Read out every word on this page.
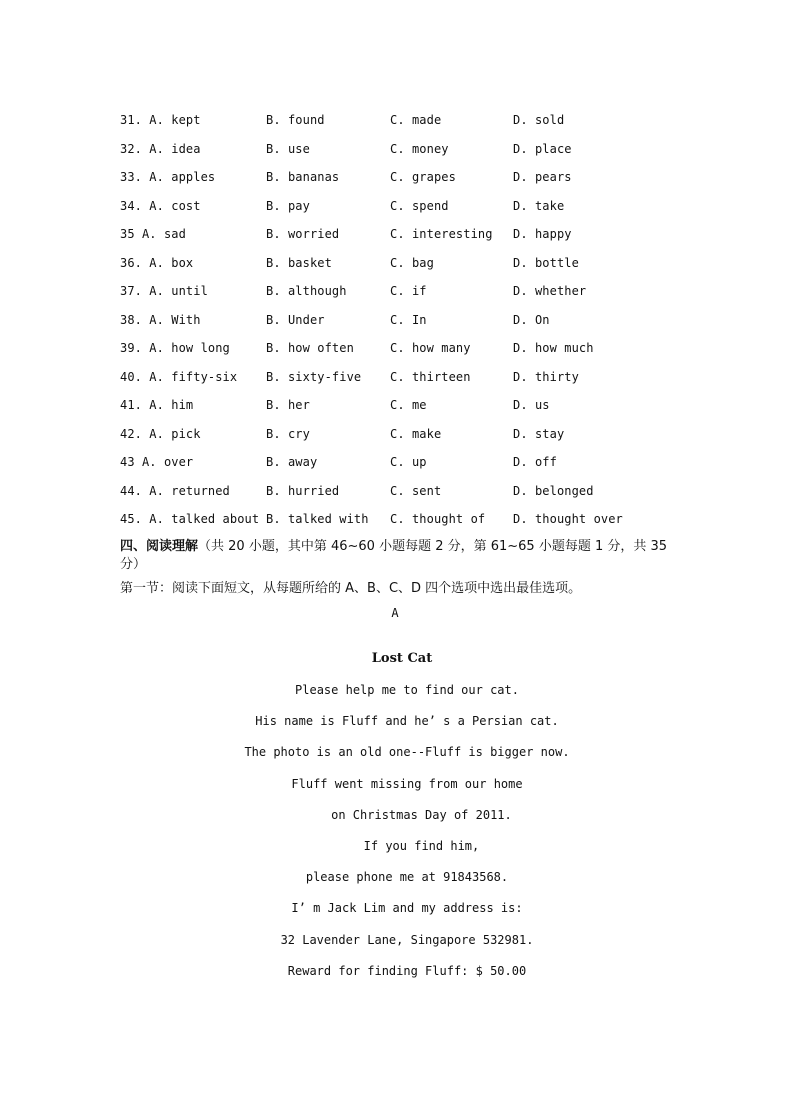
31. A. kept	B. found	C. made	D. sold
32. A. idea	B. use	C. money	D. place
33. A. apples	B. bananas	C. grapes	D. pears
34. A. cost	B. pay	C. spend	D. take
35 A. sad	B. worried	C. interesting D. happy
36. A. box	B. basket	C. bag	D. bottle
37. A. until	B. although	C. if	D. whether
38. A. With	B. Under	C. In	D. On
39. A. how long	B. how often	C. how many	D. how much
40. A. fifty-six B. sixty-five C. thirteen	D. thirty
41. A. him	B. her	C. me	D. us
42. A. pick	B. cry	C. make	D. stay
43 A. over	B. away	C. up	D. off
44. A. returned	B. hurried	C. sent	D. belonged
45. A. talked about B. talked with C. thought of D. thought over
四、阅读理解（共 20 小题，其中第 46~60 小题每题 2 分，第 61~65 小题每题 1 分，共 35 分）
第一节：阅读下面短文，从每题所给的 A、B、C、D 四个选项中选出最佳选项。
A
Lost Cat
Please help me to find our cat.
His name is Fluff and he’ s a Persian cat.
The photo is an old one--Fluff is bigger now.
Fluff went missing from our home
on Christmas Day of 2011.
If you find him,
please phone me at 91843568.
I’ m Jack Lim and my address is:
32 Lavender Lane, Singapore 532981.
Reward for finding Fluff: $ 50.00
